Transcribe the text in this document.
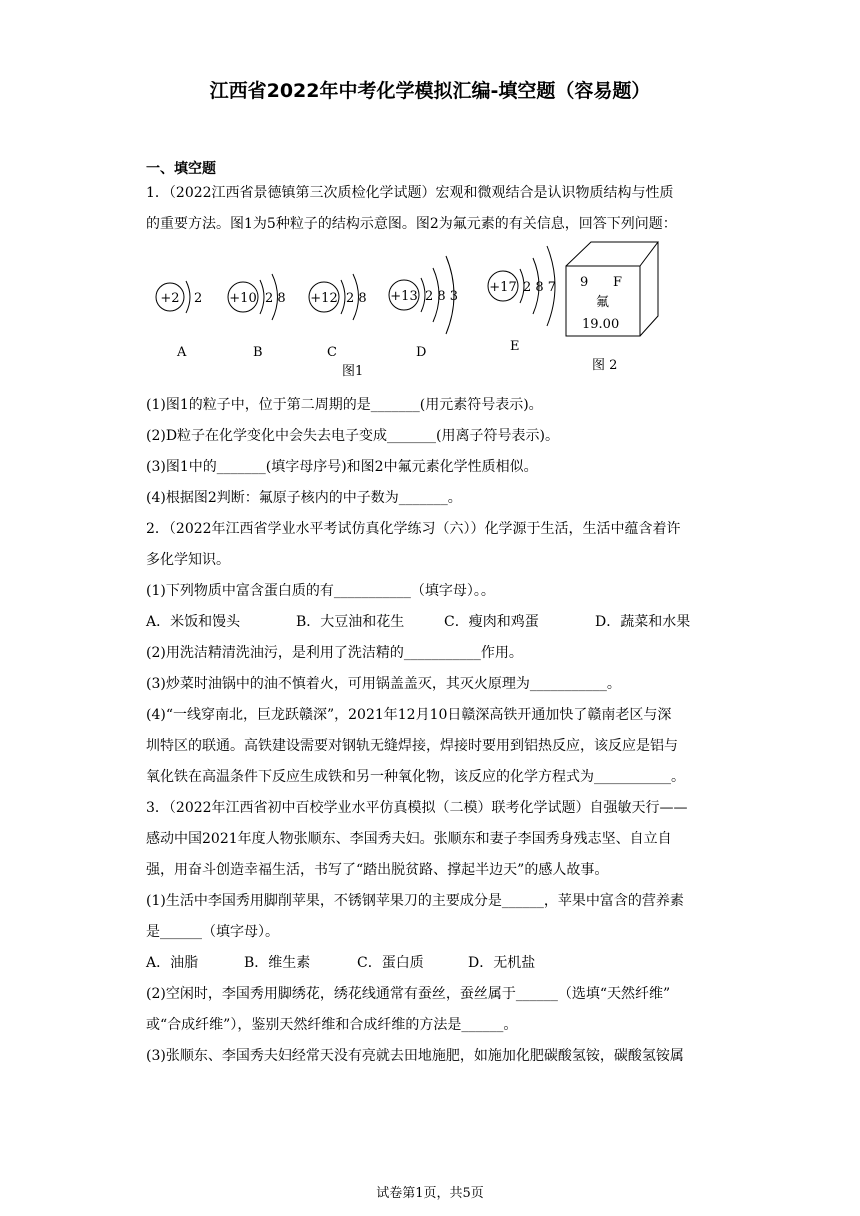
江西省2022年中考化学模拟汇编-填空题（容易题）
一、填空题

1．（2022江西省景德镇第三次质检化学试题）宏观和微观结合是认识物质结构与性质

的重要方法。图1为5种粒子的结构示意图。图2为氟元素的有关信息，回答下列问题：

+2 2
A
+10 2 8
B
+12 2 8
C
+13 2 8 3
D
+17 2 8 7
E
图1
9 F
氟
19.00
图 2

(1)图1的粒子中，位于第二周期的是_______(用元素符号表示)。

(2)D粒子在化学变化中会失去电子变成_______(用离子符号表示)。

(3)图1中的_______(填字母序号)和图2中氟元素化学性质相似。

(4)根据图2判断：氟原子核内的中子数为_______。

2．（2022年江西省学业水平考试仿真化学练习（六））化学源于生活，生活中蕴含着许

多化学知识。

(1)下列物质中富含蛋白质的有___________（填字母）。。

A．米饭和馒头	B．大豆油和花生	C．瘦肉和鸡蛋	D．蔬菜和水果

(2)用洗洁精清洗油污，是利用了洗洁精的___________作用。

(3)炒菜时油锅中的油不慎着火，可用锅盖盖灭，其灭火原理为___________。

(4)“一线穿南北，巨龙跃赣深”，2021年12月10日赣深高铁开通加快了赣南老区与深

圳特区的联通。高铁建设需要对钢轨无缝焊接，焊接时要用到铝热反应，该反应是铝与

氧化铁在高温条件下反应生成铁和另一种氧化物，该反应的化学方程式为___________。

3．（2022年江西省初中百校学业水平仿真模拟（二模）联考化学试题）自强敏天行——

感动中国2021年度人物张顺东、李国秀夫妇。张顺东和妻子李国秀身残志坚、自立自

强，用奋斗创造幸福生活，书写了“踏出脱贫路、撑起半边天”的感人故事。

(1)生活中李国秀用脚削苹果，不锈钢苹果刀的主要成分是______，苹果中富含的营养素

是______（填字母）。

A．油脂	B．维生素	C．蛋白质	D．无机盐

(2)空闲时，李国秀用脚绣花，绣花线通常有蚕丝，蚕丝属于______（选填“天然纤维”

或“合成纤维”），鉴别天然纤维和合成纤维的方法是______。

(3)张顺东、李国秀夫妇经常天没有亮就去田地施肥，如施加化肥碳酸氢铵，碳酸氢铵属

试卷第1页，共5页
